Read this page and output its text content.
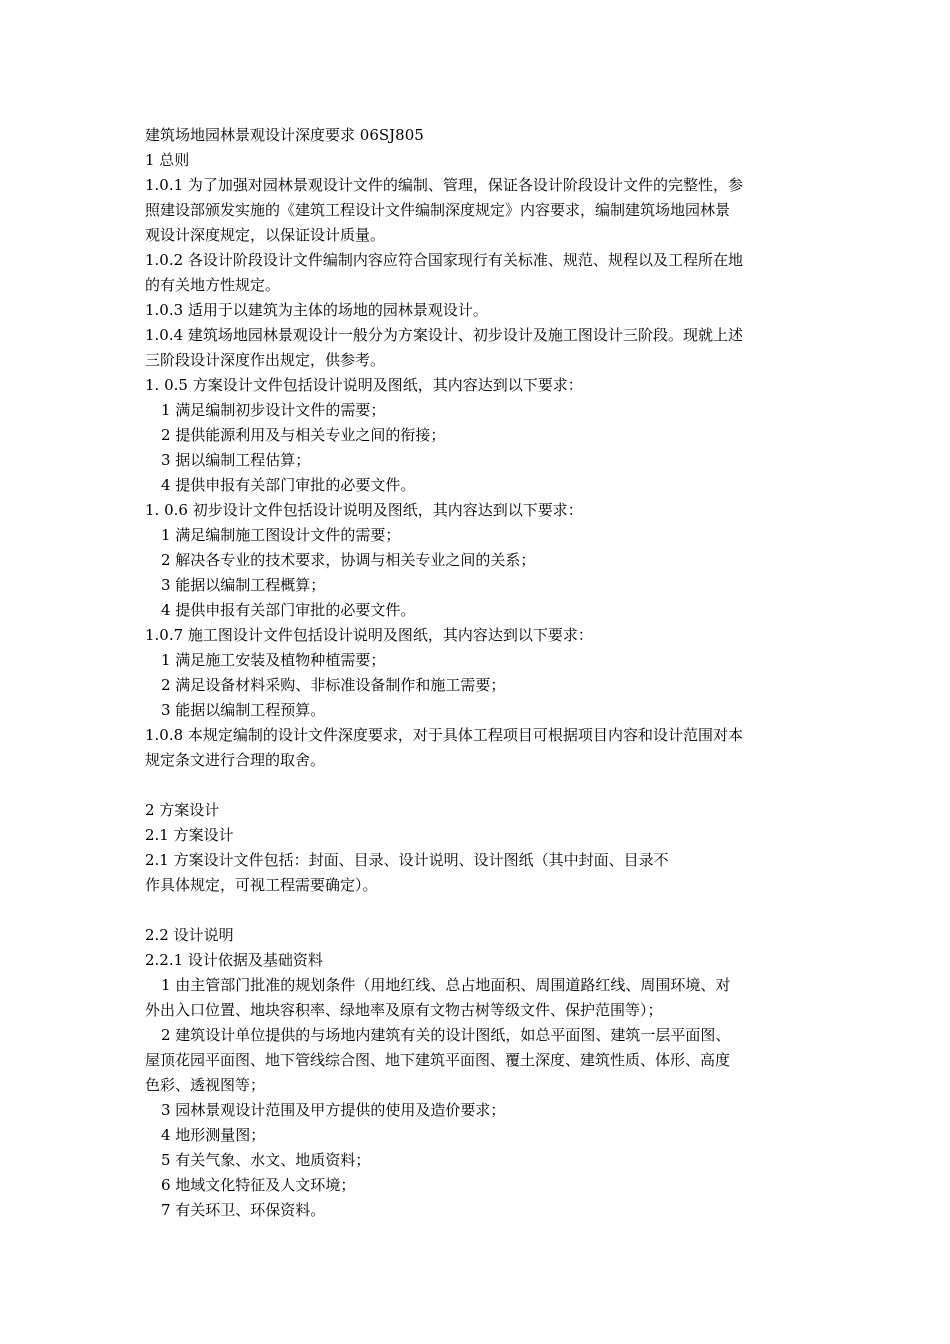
建筑场地园林景观设计深度要求 06SJ805
1 总则
1.0.1 为了加强对园林景观设计文件的编制、管理，保证各设计阶段设计文件的完整性，参
照建设部颁发实施的《建筑工程设计文件编制深度规定》内容要求，编制建筑场地园林景
观设计深度规定，以保证设计质量。
1.0.2 各设计阶段设计文件编制内容应符合国家现行有关标准、规范、规程以及工程所在地
的有关地方性规定。
1.0.3 适用于以建筑为主体的场地的园林景观设计。
1.0.4 建筑场地园林景观设计一般分为方案设计、初步设计及施工图设计三阶段。现就上述
三阶段设计深度作出规定，供参考。
1. 0.5 方案设计文件包括设计说明及图纸，其内容达到以下要求：
1 满足编制初步设计文件的需要；
2 提供能源利用及与相关专业之间的衔接；
3 据以编制工程估算；
4 提供申报有关部门审批的必要文件。
1. 0.6 初步设计文件包括设计说明及图纸，其内容达到以下要求：
1 满足编制施工图设计文件的需要；
2 解决各专业的技术要求，协调与相关专业之间的关系；
3 能据以编制工程概算；
4 提供申报有关部门审批的必要文件。
1.0.7 施工图设计文件包括设计说明及图纸，其内容达到以下要求：
1 满足施工安装及植物种植需要；
2 满足设备材料采购、非标准设备制作和施工需要；
3 能据以编制工程预算。
1.0.8 本规定编制的设计文件深度要求，对于具体工程项目可根据项目内容和设计范围对本
规定条文进行合理的取舍。
2 方案设计
2.1 方案设计
2.1 方案设计文件包括：封面、目录、设计说明、设计图纸（其中封面、目录不
作具体规定，可视工程需要确定）。
2.2 设计说明
2.2.1 设计依据及基础资料
1 由主管部门批准的规划条件（用地红线、总占地面积、周围道路红线、周围环境、对
外出入口位置、地块容积率、绿地率及原有文物古树等级文件、保护范围等）；
2 建筑设计单位提供的与场地内建筑有关的设计图纸，如总平面图、建筑一层平面图、
屋顶花园平面图、地下管线综合图、地下建筑平面图、覆土深度、建筑性质、体形、高度
色彩、透视图等；
3 园林景观设计范围及甲方提供的使用及造价要求；
4 地形测量图；
5 有关气象、水文、地质资料；
6 地域文化特征及人文环境；
7 有关环卫、环保资料。
